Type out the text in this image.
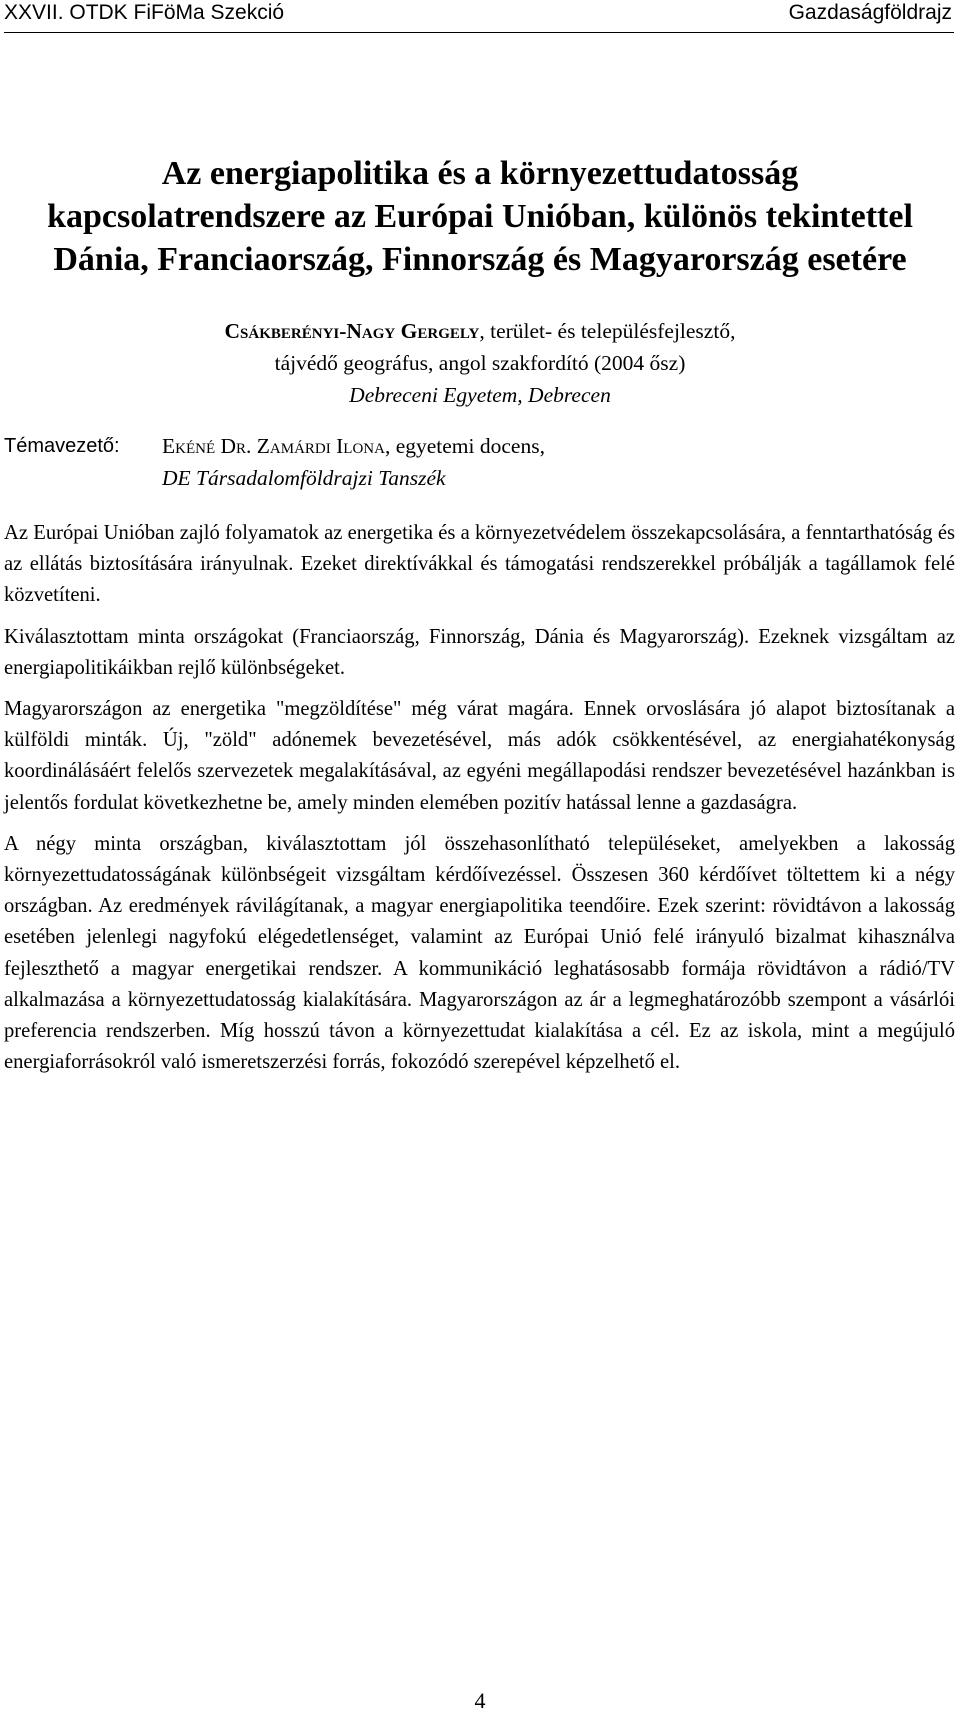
XXVII. OTDK FiFöMa Szekció	Gazdaságföldrajz
Az energiapolitika és a környezettudatosság
kapcsolatrendszere az Európai Unióban, különös tekintettel
Dánia, Franciaország, Finnország és Magyarország esetére
Csákberényi-Nagy Gergely, terület- és településfejlesztő,
tájvédő geográfus, angol szakfordító (2004 ősz)
Debreceni Egyetem, Debrecen
Témavezető: Ekéné Dr. Zamárdi Ilona, egyetemi docens,
DE Társadalomföldrajzi Tanszék

Az Európai Unióban zajló folyamatok az energetika és a környezetvédelem összekapcsolására, a fenntarthatóság és az ellátás biztosítására irányulnak. Ezeket direktívákkal és támogatási rendszerekkel próbálják a tagállamok felé közvetíteni.

Kiválasztottam minta országokat (Franciaország, Finnország, Dánia és Magyarország). Ezeknek vizsgáltam az energiapolitikáikban rejlő különbségeket.

Magyarországon az energetika "megzöldítése" még várat magára. Ennek orvoslására jó alapot biztosítanak a külföldi minták. Új, "zöld" adónemek bevezetésével, más adók csökkentésével, az energiahatékonyság koordinálásáért felelős szervezetek megalakításával, az egyéni megállapodási rendszer bevezetésével hazánkban is jelentős fordulat következhetne be, amely minden elemében pozitív hatással lenne a gazdaságra.

A négy minta országban, kiválasztottam jól összehasonlítható településeket, amelyekben a lakosság környezettudatosságának különbségeit vizsgáltam kérdőívezéssel. Összesen 360 kérdőívet töltettem ki a négy országban. Az eredmények rávilágítanak, a magyar energiapolitika teendőire. Ezek szerint: rövidtávon a lakosság esetében jelenlegi nagyfokú elégedetlenséget, valamint az Európai Unió felé irányuló bizalmat kihasználva fejleszthető a magyar energetikai rendszer. A kommunikáció leghatásosabb formája rövidtávon a rádió/TV alkalmazása a környezettudatosság kialakítására. Magyarországon az ár a legmeghatározóbb szempont a vásárlói preferencia rendszerben. Míg hosszú távon a környezettudat kialakítása a cél. Ez az iskola, mint a megújuló energiaforrásokról való ismeretszerzési forrás, fokozódó szerepével képzelhető el.

4
